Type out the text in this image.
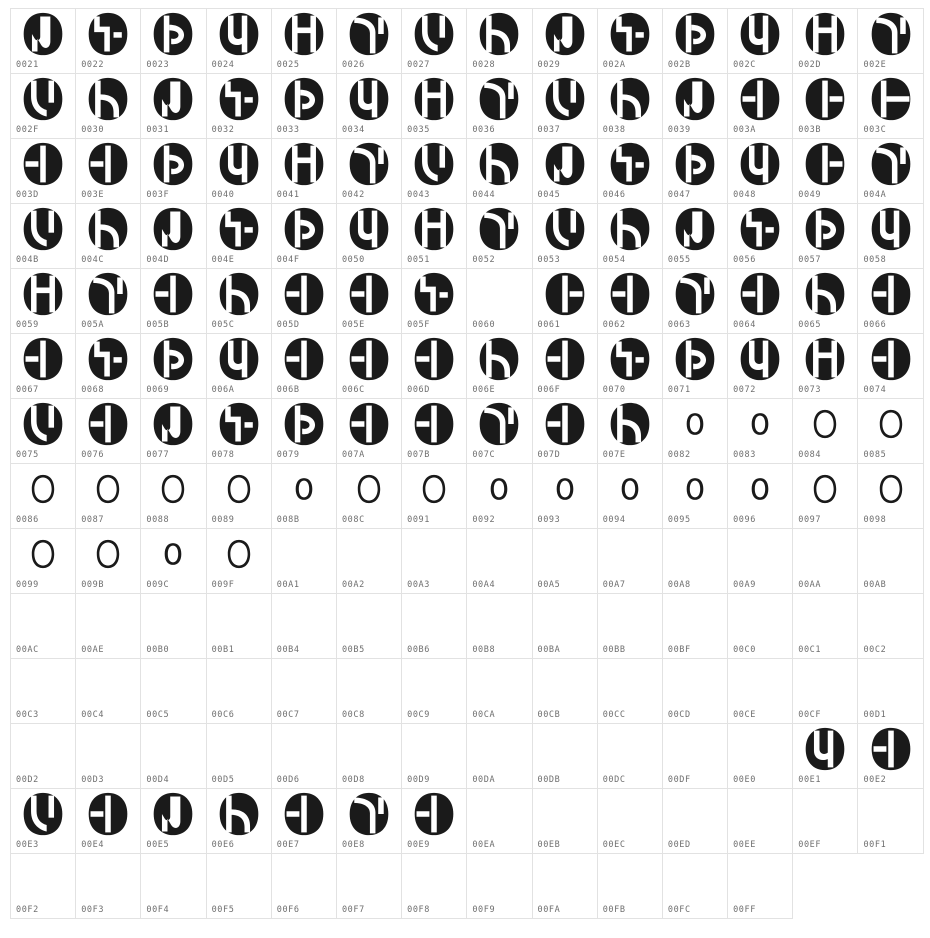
0021	0022	0023	0024	0025	0026	0027	0028	0029	002A	002B	002C	002D	002E
002F	0030	0031	0032	0033	0034	0035	0036	0037	0038	0039	003A	003B	003C
003D	003E	003F	0040	0041	0042	0043	0044	0045	0046	0047	0048	0049	004A
004B	004C	004D	004E	004F	0050	0051	0052	0053	0054	0055	0056	0057	0058
0059	005A	005B	005C	005D	005E	005F	0060	0061	0062	0063	0064	0065	0066
0067	0068	0069	006A	006B	006C	006D	006E	006F	0070	0071	0072	0073	0074
0075	0076	0077	0078	0079	007A	007B	007C	007D	007E	0082	0083	0084	0085
0086	0087	0088	0089	008B	008C	0091	0092	0093	0094	0095	0096	0097	0098
0099	009B	009C	009F	00A1	00A2	00A3	00A4	00A5	00A7	00A8	00A9	00AA	00AB
00AC	00AE	00B0	00B1	00B4	00B5	00B6	00B8	00BA	00BB	00BF	00C0	00C1	00C2
00C3	00C4	00C5	00C6	00C7	00C8	00C9	00CA	00CB	00CC	00CD	00CE	00CF	00D1
00D2	00D3	00D4	00D5	00D6	00D8	00D9	00DA	00DB	00DC	00DF	00E0	00E1	00E2
00E3	00E4	00E5	00E6	00E7	00E8	00E9	00EA	00EB	00EC	00ED	00EE	00EF	00F1
00F2	00F3	00F4	00F5	00F6	00F7	00F8	00F9	00FA	00FB	00FC	00FF
